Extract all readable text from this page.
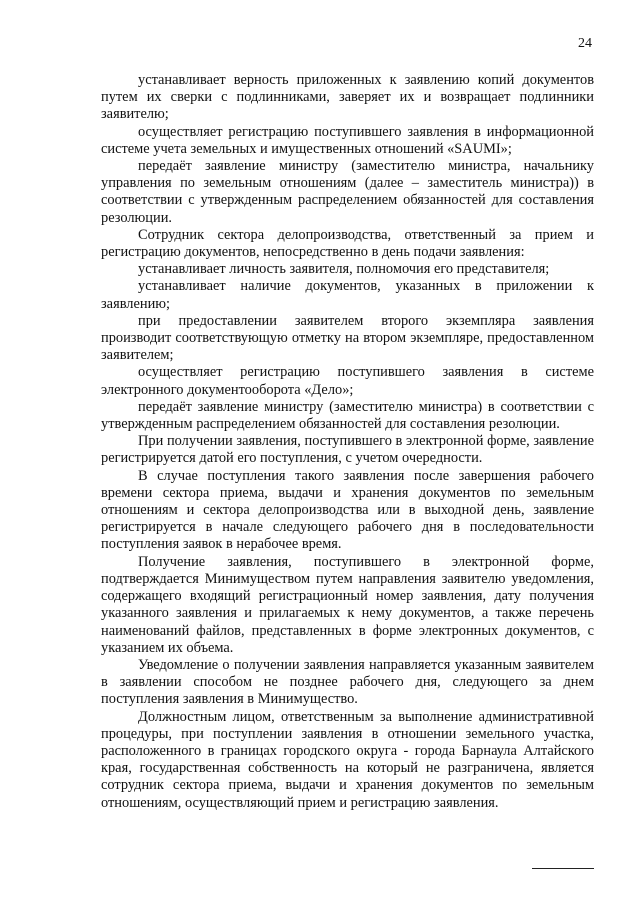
24

устанавливает верность приложенных к заявлению копий документов путем их сверки с подлинниками, заверяет их и возвращает подлинники заявителю;

осуществляет регистрацию поступившего заявления в информационной системе учета земельных и имущественных отношений «SAUMI»;

передаёт заявление министру (заместителю министра, начальнику управления по земельным отношениям (далее – заместитель министра)) в соответствии с утвержденным распределением обязанностей для составления резолюции.

Сотрудник сектора делопроизводства, ответственный за прием и регистрацию документов, непосредственно в день подачи заявления:

устанавливает личность заявителя, полномочия его представителя;

устанавливает наличие документов, указанных в приложении к заявлению;

при предоставлении заявителем второго экземпляра заявления производит соответствующую отметку на втором экземпляре, предоставленном заявителем;

осуществляет регистрацию поступившего заявления в системе электронного документооборота «Дело»;

передаёт заявление министру (заместителю министра) в соответствии с утвержденным распределением обязанностей для составления резолюции.

При получении заявления, поступившего в электронной форме, заявление регистрируется датой его поступления, с учетом очередности.

В случае поступления такого заявления после завершения рабочего времени сектора приема, выдачи и хранения документов по земельным отношениям и сектора делопроизводства или в выходной день, заявление регистрируется в начале следующего рабочего дня в последовательности поступления заявок в нерабочее время.

Получение заявления, поступившего в электронной форме, подтверждается Минимуществом путем направления заявителю уведомления, содержащего входящий регистрационный номер заявления, дату получения указанного заявления и прилагаемых к нему документов, а также перечень наименований файлов, представленных в форме электронных документов, с указанием их объема.

Уведомление о получении заявления направляется указанным заявителем в заявлении способом не позднее рабочего дня, следующего за днем поступления заявления в Минимущество.

Должностным лицом, ответственным за выполнение административной процедуры, при поступлении заявления в отношении земельного участка, расположенного в границах городского округа - города Барнаула Алтайского края, государственная собственность на который не разграничена, является сотрудник сектора приема, выдачи и хранения документов по земельным отношениям, осуществляющий прием и регистрацию заявления.
